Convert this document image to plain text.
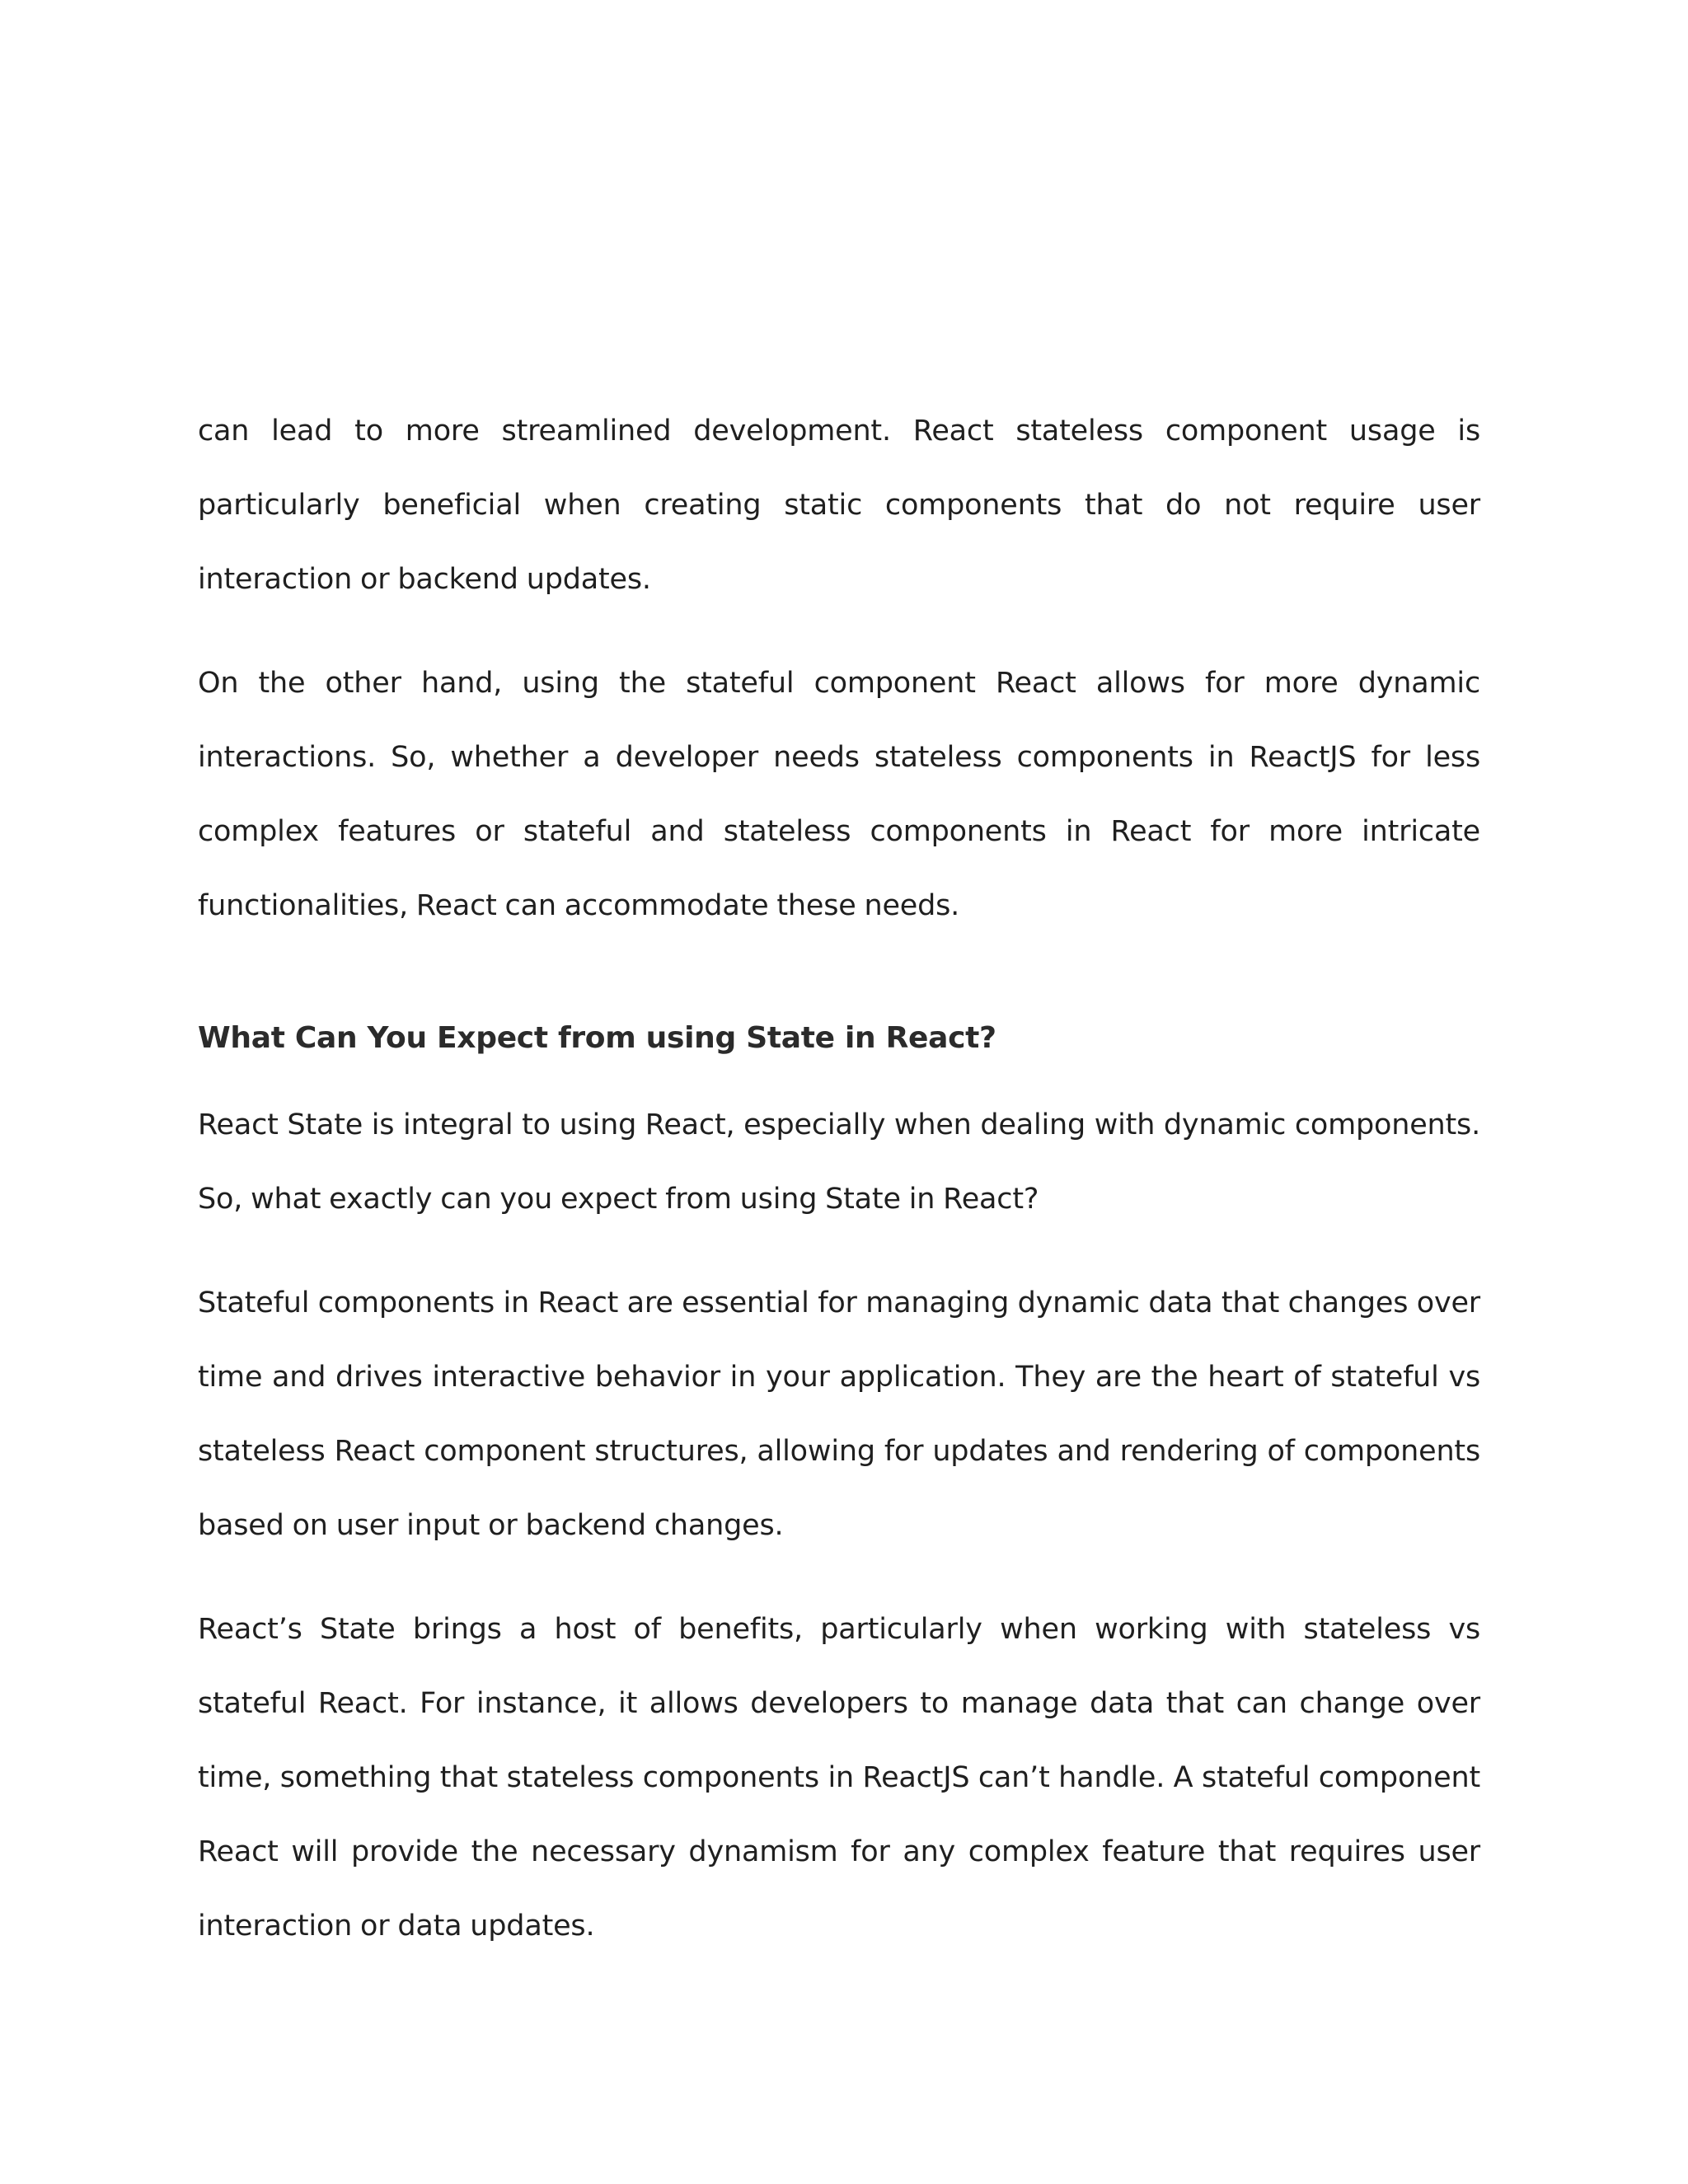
can lead to more streamlined development. React stateless component usage is particularly beneficial when creating static components that do not require user interaction or backend updates.

On the other hand, using the stateful component React allows for more dynamic interactions. So, whether a developer needs stateless components in ReactJS for less complex features or stateful and stateless components in React for more intricate functionalities, React can accommodate these needs.

What Can You Expect from using State in React?

React State is integral to using React, especially when dealing with dynamic components. So, what exactly can you expect from using State in React?

Stateful components in React are essential for managing dynamic data that changes over time and drives interactive behavior in your application. They are the heart of stateful vs stateless React component structures, allowing for updates and rendering of components based on user input or backend changes.

React’s State brings a host of benefits, particularly when working with stateless vs stateful React. For instance, it allows developers to manage data that can change over time, something that stateless components in ReactJS can’t handle. A stateful component React will provide the necessary dynamism for any complex feature that requires user interaction or data updates.
